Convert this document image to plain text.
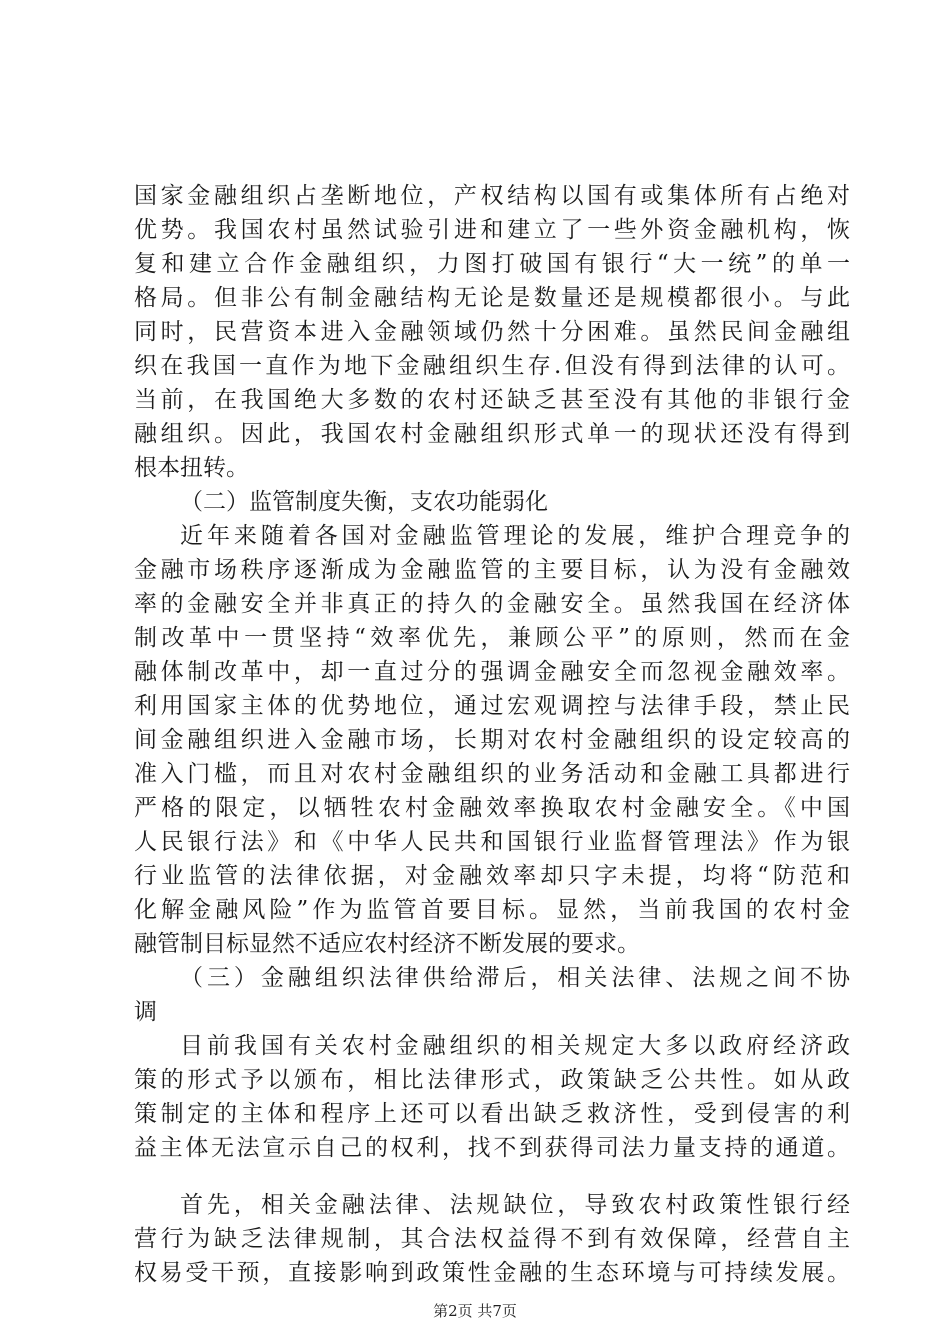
国家金融组织占垄断地位，产权结构以国有或集体所有占绝对
优势。我国农村虽然试验引进和建立了一些外资金融机构，恢
复和建立合作金融组织，力图打破国有银行“大一统”的单一
格局。但非公有制金融结构无论是数量还是规模都很小。与此
同时，民营资本进入金融领域仍然十分困难。虽然民间金融组
织在我国一直作为地下金融组织生存.但没有得到法律的认可。
当前，在我国绝大多数的农村还缺乏甚至没有其他的非银行金
融组织。因此，我国农村金融组织形式单一的现状还没有得到
根本扭转。
（二）监管制度失衡，支农功能弱化
近年来随着各国对金融监管理论的发展，维护合理竞争的
金融市场秩序逐渐成为金融监管的主要目标，认为没有金融效
率的金融安全并非真正的持久的金融安全。虽然我国在经济体
制改革中一贯坚持“效率优先，兼顾公平”的原则，然而在金
融体制改革中，却一直过分的强调金融安全而忽视金融效率。
利用国家主体的优势地位，通过宏观调控与法律手段，禁止民
间金融组织进入金融市场，长期对农村金融组织的设定较高的
准入门槛，而且对农村金融组织的业务活动和金融工具都进行
严格的限定，以牺牲农村金融效率换取农村金融安全。《中国
人民银行法》和《中华人民共和国银行业监督管理法》作为银
行业监管的法律依据，对金融效率却只字未提，均将“防范和
化解金融风险”作为监管首要目标。显然，当前我国的农村金
融管制目标显然不适应农村经济不断发展的要求。
（三）金融组织法律供给滞后，相关法律、法规之间不协
调
目前我国有关农村金融组织的相关规定大多以政府经济政
策的形式予以颁布，相比法律形式，政策缺乏公共性。如从政
策制定的主体和程序上还可以看出缺乏救济性，受到侵害的利
益主体无法宣示自己的权利，找不到获得司法力量支持的通道。
首先，相关金融法律、法规缺位，导致农村政策性银行经
营行为缺乏法律规制，其合法权益得不到有效保障，经营自主
第2页 共7页
权易受干预，直接影响到政策性金融的生态环境与可持续发展。
